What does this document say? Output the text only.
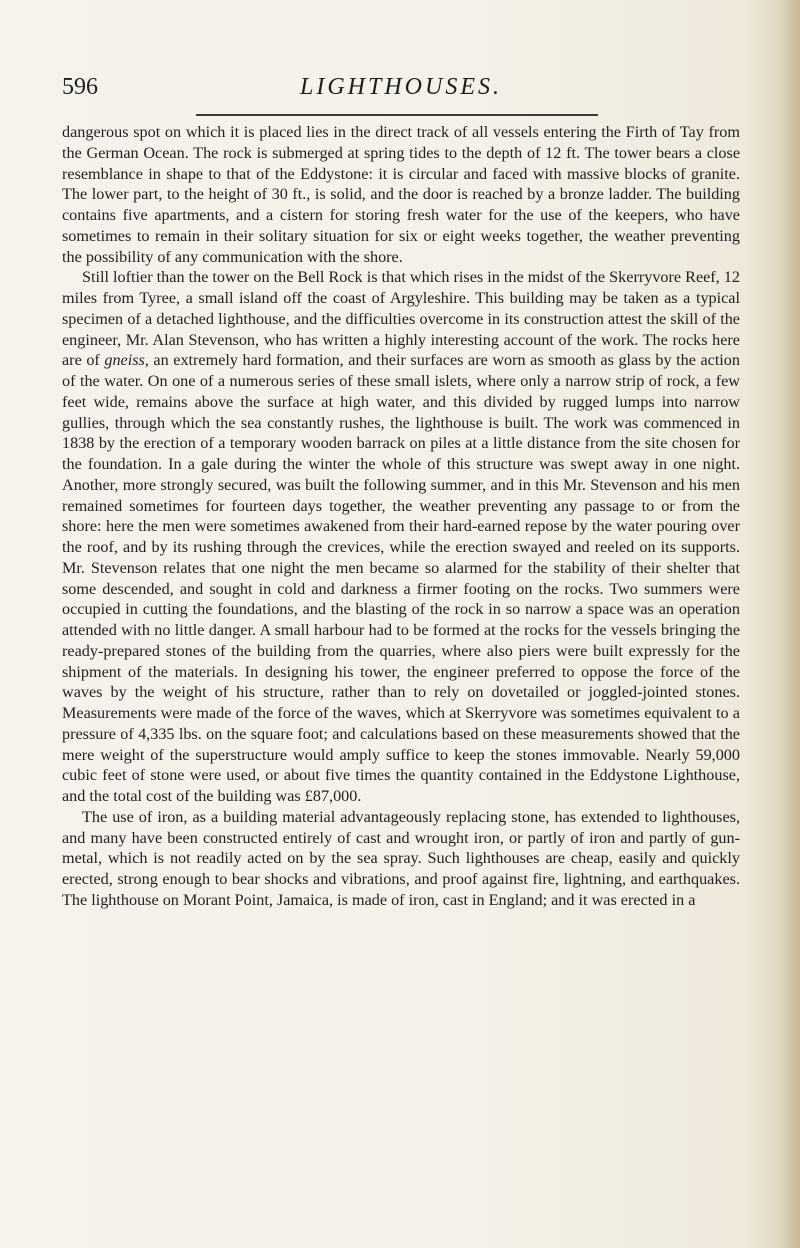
596	LIGHTHOUSES.

dangerous spot on which it is placed lies in the direct track of all vessels entering the Firth of Tay from the German Ocean. The rock is submerged at spring tides to the depth of 12 ft. The tower bears a close resemblance in shape to that of the Eddystone: it is circular and faced with massive blocks of granite. The lower part, to the height of 30 ft., is solid, and the door is reached by a bronze ladder. The building contains five apartments, and a cistern for storing fresh water for the use of the keepers, who have sometimes to remain in their solitary situation for six or eight weeks together, the weather preventing the possibility of any communication with the shore.

Still loftier than the tower on the Bell Rock is that which rises in the midst of the Skerryvore Reef, 12 miles from Tyree, a small island off the coast of Argyleshire. This building may be taken as a typical specimen of a detached lighthouse, and the difficulties overcome in its construction attest the skill of the engineer, Mr. Alan Stevenson, who has written a highly interesting account of the work. The rocks here are of gneiss, an extremely hard formation, and their surfaces are worn as smooth as glass by the action of the water. On one of a numerous series of these small islets, where only a narrow strip of rock, a few feet wide, remains above the surface at high water, and this divided by rugged lumps into narrow gullies, through which the sea constantly rushes, the lighthouse is built. The work was commenced in 1838 by the erection of a temporary wooden barrack on piles at a little distance from the site chosen for the foundation. In a gale during the winter the whole of this structure was swept away in one night. Another, more strongly secured, was built the following summer, and in this Mr. Stevenson and his men remained sometimes for fourteen days together, the weather preventing any passage to or from the shore: here the men were sometimes awakened from their hard-earned repose by the water pouring over the roof, and by its rushing through the crevices, while the erection swayed and reeled on its supports. Mr. Stevenson relates that one night the men became so alarmed for the stability of their shelter that some descended, and sought in cold and darkness a firmer footing on the rocks. Two summers were occupied in cutting the foundations, and the blasting of the rock in so narrow a space was an operation attended with no little danger. A small harbour had to be formed at the rocks for the vessels bringing the ready-prepared stones of the building from the quarries, where also piers were built expressly for the shipment of the materials. In designing his tower, the engineer preferred to oppose the force of the waves by the weight of his structure, rather than to rely on dovetailed or joggled-jointed stones. Measurements were made of the force of the waves, which at Skerryvore was sometimes equivalent to a pressure of 4,335 lbs. on the square foot; and calculations based on these measurements showed that the mere weight of the superstructure would amply suffice to keep the stones immovable. Nearly 59,000 cubic feet of stone were used, or about five times the quantity contained in the Eddystone Lighthouse, and the total cost of the building was £87,000.

The use of iron, as a building material advantageously replacing stone, has extended to lighthouses, and many have been constructed entirely of cast and wrought iron, or partly of iron and partly of gun-metal, which is not readily acted on by the sea spray. Such lighthouses are cheap, easily and quickly erected, strong enough to bear shocks and vibrations, and proof against fire, lightning, and earthquakes. The lighthouse on Morant Point, Jamaica, is made of iron, cast in England; and it was erected in a
